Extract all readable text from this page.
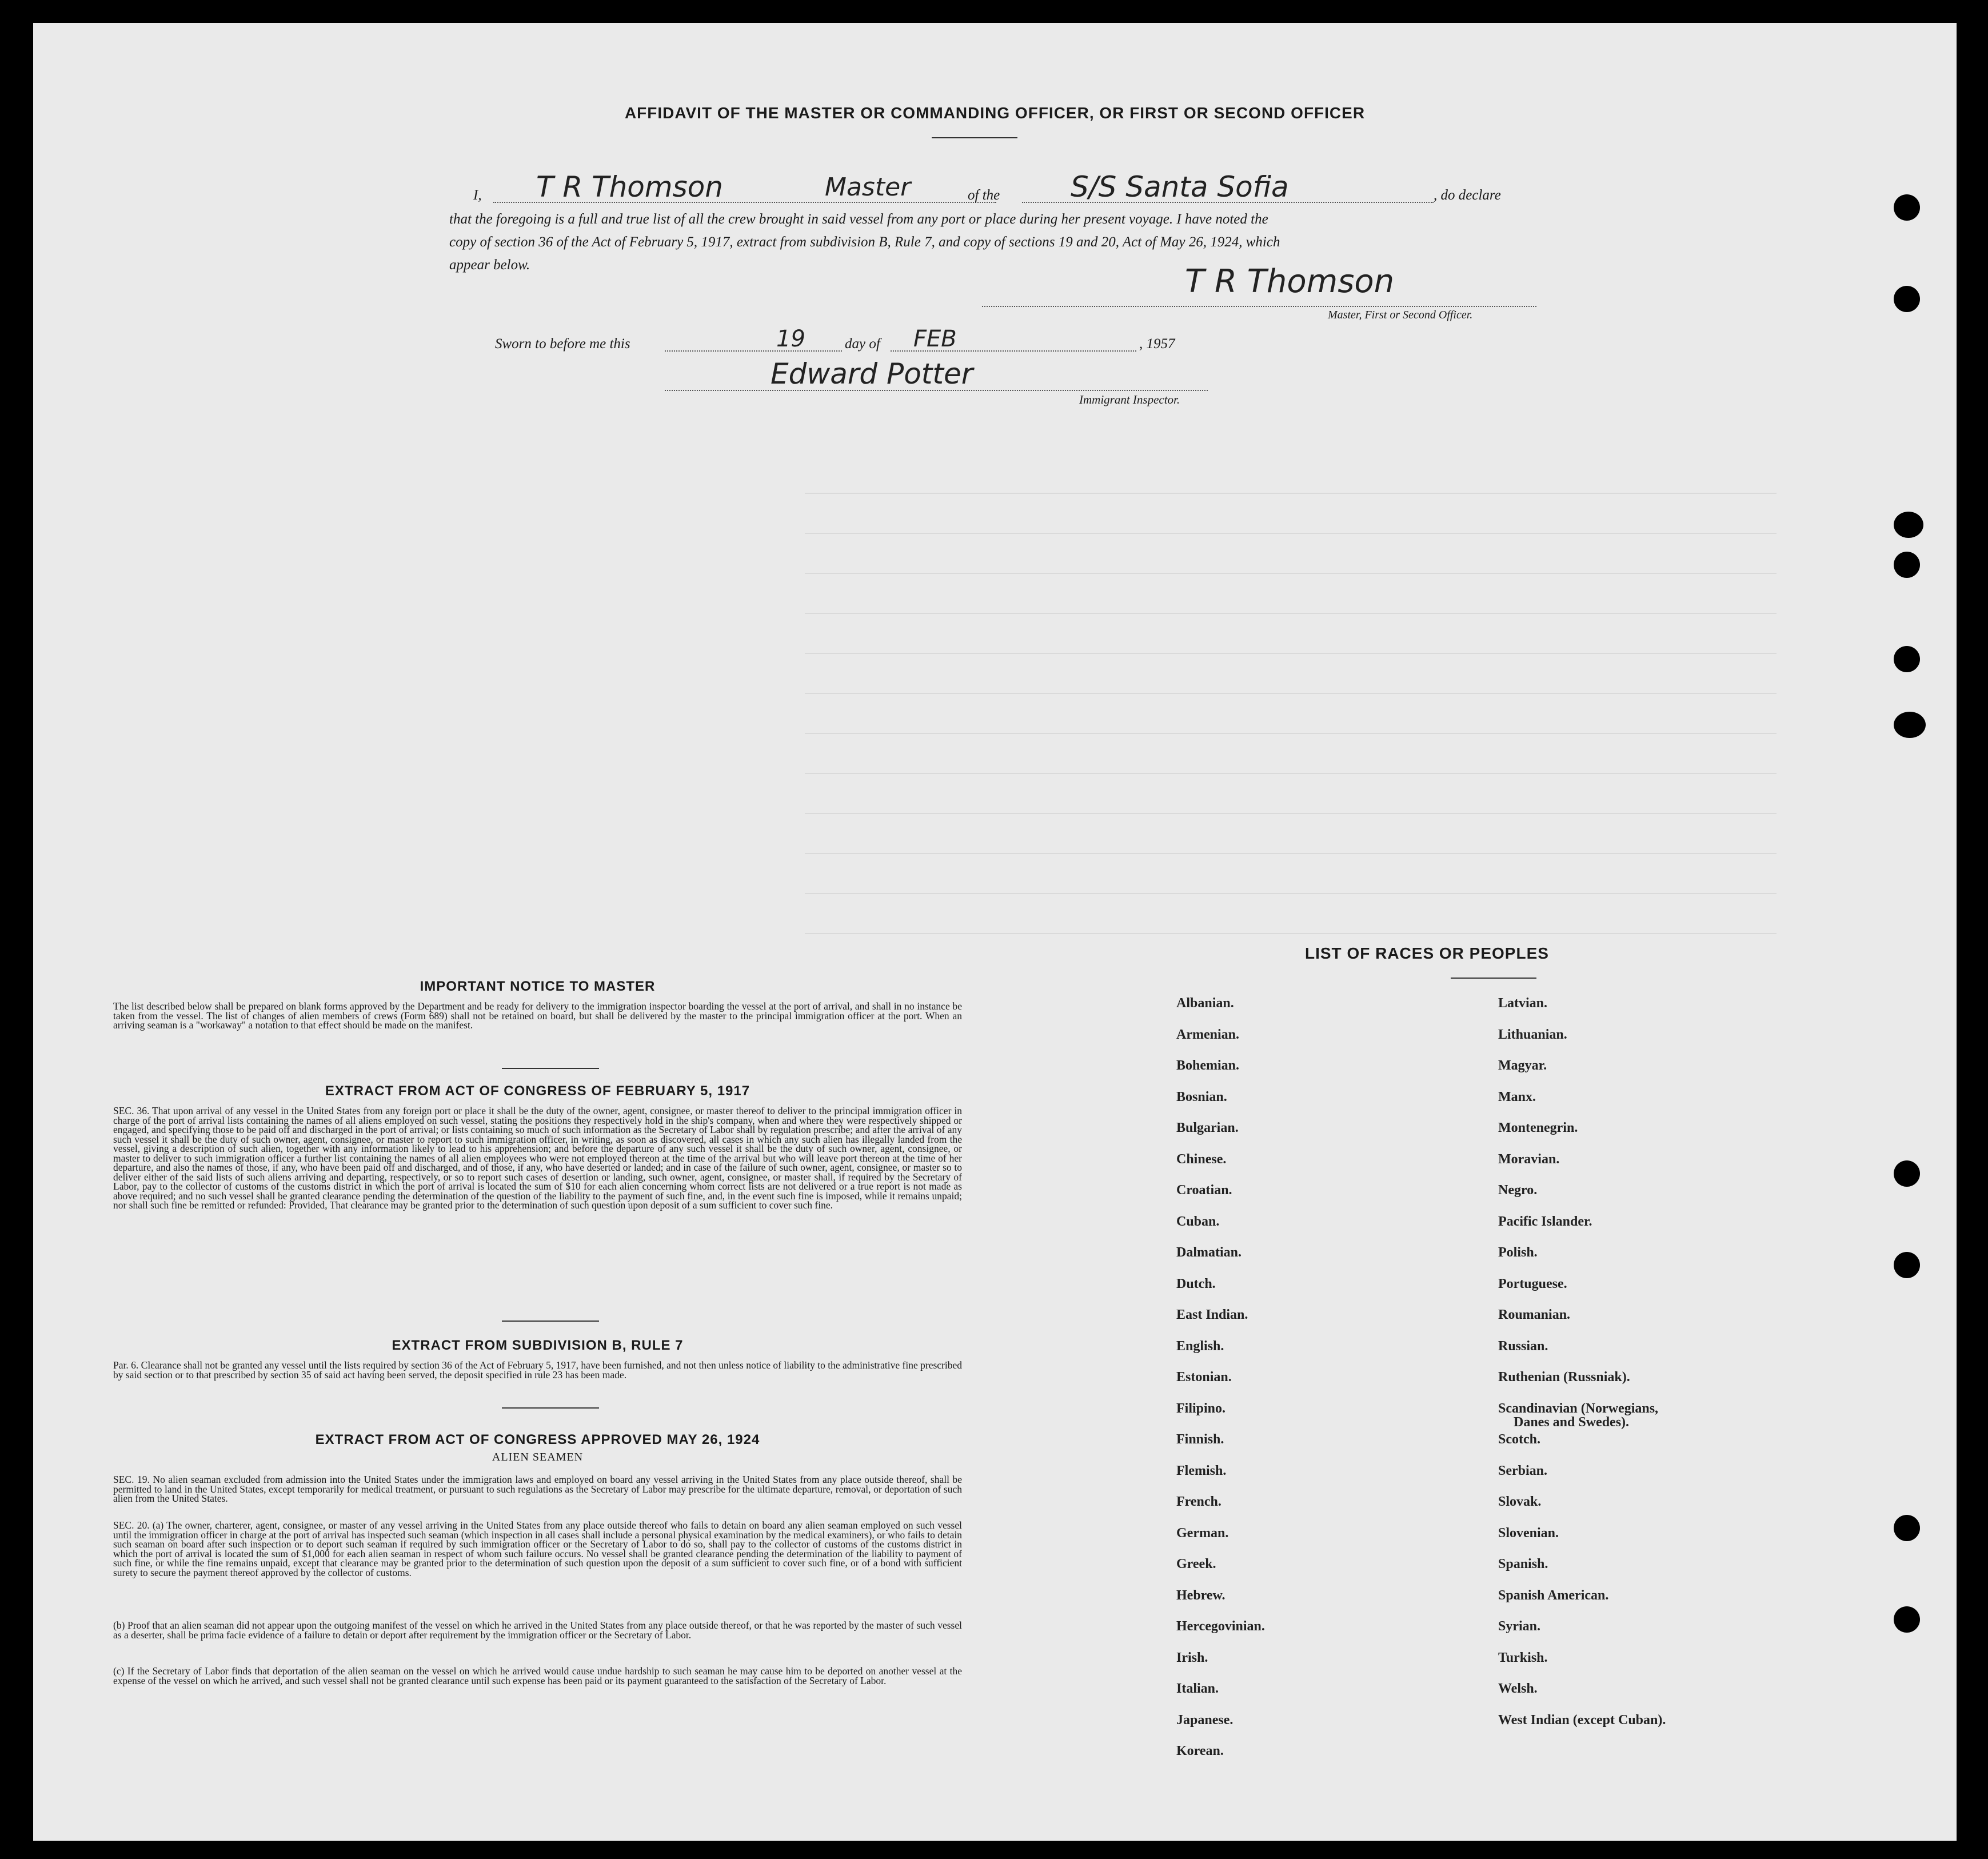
AFFIDAVIT OF THE MASTER OR COMMANDING OFFICER, OR FIRST OR SECOND OFFICER
I, T R Thomson	Master	of the S/S Santa Sofia	, do declare
that the foregoing is a full and true list of all the crew brought in said vessel from any port or place during her present voyage. I have noted the
copy of section 36 of the Act of February 5, 1917, extract from subdivision B, Rule 7, and copy of sections 19 and 20, Act of May 26, 1924, which
appear below.	T R Thomson
Master, First or Second Officer.
Sworn to before me this	19	day of FEB	, 1957
Edward Potter
Immigrant Inspector.
IMPORTANT NOTICE TO MASTER

The list described below shall be prepared on blank forms approved by the Department and be ready for delivery to the immigration inspector boarding the vessel at the port of arrival, and shall in no instance be taken from the vessel. The list of changes of alien members of crews (Form 689) shall not be retained on board, but shall be delivered by the master to the principal immigration officer at the port. When an arriving seaman is a "workaway" a notation to that effect should be made on the manifest.

EXTRACT FROM ACT OF CONGRESS OF FEBRUARY 5, 1917

SEC. 36. That upon arrival of any vessel in the United States from any foreign port or place it shall be the duty of the owner, agent, consignee, or master thereof to deliver to the principal immigration officer in charge of the port of arrival lists containing the names of all aliens employed on such vessel, stating the positions they respectively hold in the ship's company, when and where they were respectively shipped or engaged, and specifying those to be paid off and discharged in the port of arrival; or lists containing so much of such information as the Secretary of Labor shall by regulation prescribe; and after the arrival of any such vessel it shall be the duty of such owner, agent, consignee, or master to report to such immigration officer, in writing, as soon as discovered, all cases in which any such alien has illegally landed from the vessel, giving a description of such alien, together with any information likely to lead to his apprehension; and before the departure of any such vessel it shall be the duty of such owner, agent, consignee, or master to deliver to such immigration officer a further list containing the names of all alien employees who were not employed thereon at the time of the arrival but who will leave port thereon at the time of her departure, and also the names of those, if any, who have been paid off and discharged, and of those, if any, who have deserted or landed; and in case of the failure of such owner, agent, consignee, or master so to deliver either of the said lists of such aliens arriving and departing, respectively, or so to report such cases of desertion or landing, such owner, agent, consignee, or master shall, if required by the Secretary of Labor, pay to the collector of customs of the customs district in which the port of arrival is located the sum of $10 for each alien concerning whom correct lists are not delivered or a true report is not made as above required; and no such vessel shall be granted clearance pending the determination of the question of the liability to the payment of such fine, and, in the event such fine is imposed, while it remains unpaid; nor shall such fine be remitted or refunded: Provided, That clearance may be granted prior to the determination of such question upon deposit of a sum sufficient to cover such fine.

EXTRACT FROM SUBDIVISION B, RULE 7

Par. 6. Clearance shall not be granted any vessel until the lists required by section 36 of the Act of February 5, 1917, have been furnished, and not then unless notice of liability to the administrative fine prescribed by said section or to that prescribed by section 35 of said act having been served, the deposit specified in rule 23 has been made.

EXTRACT FROM ACT OF CONGRESS APPROVED MAY 26, 1924
ALIEN SEAMEN

SEC. 19. No alien seaman excluded from admission into the United States under the immigration laws and employed on board any vessel arriving in the United States from any place outside thereof, shall be permitted to land in the United States, except temporarily for medical treatment, or pursuant to such regulations as the Secretary of Labor may prescribe for the ultimate departure, removal, or deportation of such alien from the United States.

SEC. 20. (a) The owner, charterer, agent, consignee, or master of any vessel arriving in the United States from any place outside thereof who fails to detain on board any alien seaman employed on such vessel until the immigration officer in charge at the port of arrival has inspected such seaman (which inspection in all cases shall include a personal physical examination by the medical examiners), or who fails to detain such seaman on board after such inspection or to deport such seaman if required by such immigration officer or the Secretary of Labor to do so, shall pay to the collector of customs of the customs district in which the port of arrival is located the sum of $1,000 for each alien seaman in respect of whom such failure occurs. No vessel shall be granted clearance pending the determination of the liability to payment of such fine, or while the fine remains unpaid, except that clearance may be granted prior to the determination of such question upon the deposit of a sum sufficient to cover such fine, or of a bond with sufficient surety to secure the payment thereof approved by the collector of customs.

(b) Proof that an alien seaman did not appear upon the outgoing manifest of the vessel on which he arrived in the United States from any place outside thereof, or that he was reported by the master of such vessel as a deserter, shall be prima facie evidence of a failure to detain or deport after requirement by the immigration officer or the Secretary of Labor.

(c) If the Secretary of Labor finds that deportation of the alien seaman on the vessel on which he arrived would cause undue hardship to such seaman he may cause him to be deported on another vessel at the expense of the vessel on which he arrived, and such vessel shall not be granted clearance until such expense has been paid or its payment guaranteed to the satisfaction of the Secretary of Labor.

LIST OF RACES OR PEOPLES
Albanian.
Armenian.
Bohemian.
Bosnian.
Bulgarian.
Chinese.
Croatian.
Cuban.
Dalmatian.
Dutch.
East Indian.
English.
Estonian.
Filipino.
Finnish.
Flemish.
French.
German.
Greek.
Hebrew.
Hercegovinian.
Irish.
Italian.
Japanese.
Korean.
Latvian.
Lithuanian.
Magyar.
Manx.
Montenegrin.
Moravian.
Negro.
Pacific Islander.
Polish.
Portuguese.
Roumanian.
Russian.
Ruthenian (Russniak).
Scandinavian (Norwegians,
Danes and Swedes).
Scotch.
Serbian.
Slovak.
Slovenian.
Spanish.
Spanish American.
Syrian.
Turkish.
Welsh.
West Indian (except Cuban).
